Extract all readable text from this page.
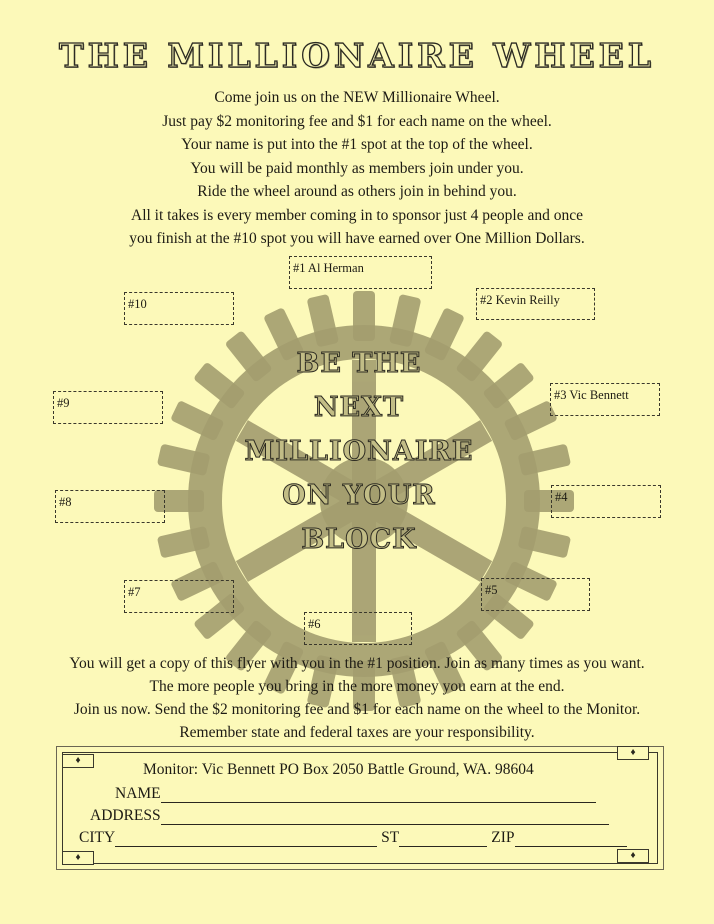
THE MILLIONAIRE WHEEL
Come join us on the NEW Millionaire Wheel.
Just pay $2 monitoring fee and $1 for each name on the wheel.
Your name is put into the #1 spot at the top of the wheel.
You will be paid monthly as members join under you.
Ride the wheel around as others join in behind you.
All it takes is every member coming in to sponsor just 4 people and once
you finish at the #10 spot you will have earned over One Million Dollars.
BE THE
NEXT
MILLIONAIRE
ON YOUR
BLOCK
#1 Al Herman
#2 Kevin Reilly
#3 Vic Bennett
#4
#5
#6
#7
#8
#9
#10
You will get a copy of this flyer with you in the #1 position. Join as many times as you want.
The more people you bring in the more money you earn at the end.
Join us now. Send the $2 monitoring fee and $1 for each name on the wheel to the Monitor.
Remember state and federal taxes are your responsibility.
♦
♦
♦	♦
Monitor: Vic Bennett PO Box 2050 Battle Ground, WA. 98604
NAME
ADDRESS
CITY	ST	ZIP
